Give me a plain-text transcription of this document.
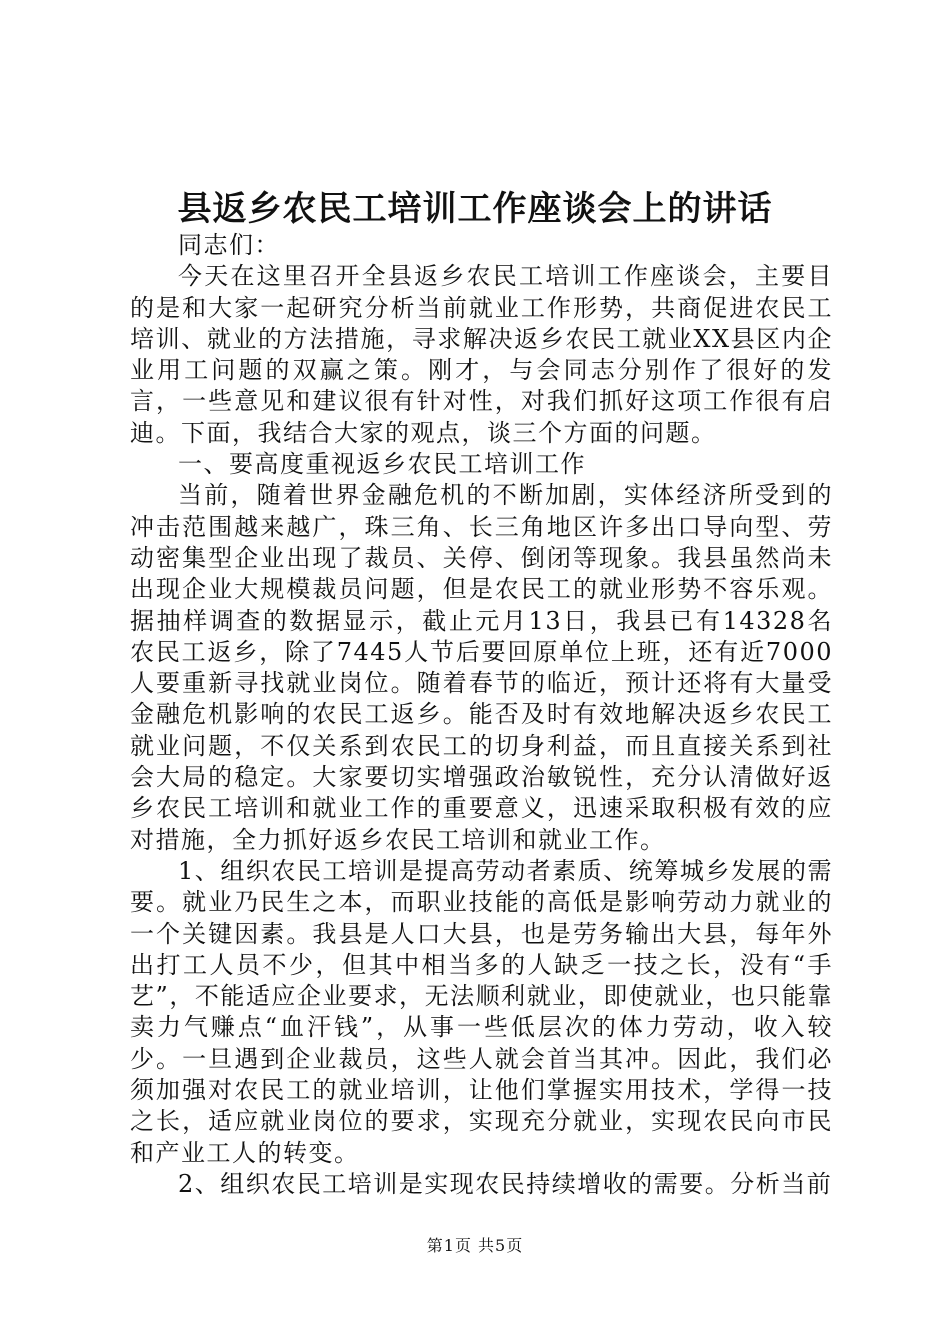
县返乡农民工培训工作座谈会上的讲话

同志们：

今天在这里召开全县返乡农民工培训工作座谈会，主要目的是和大家一起研究分析当前就业工作形势，共商促进农民工培训、就业的方法措施，寻求解决返乡农民工就业XX县区内企业用工问题的双赢之策。刚才，与会同志分别作了很好的发言，一些意见和建议很有针对性，对我们抓好这项工作很有启迪。下面，我结合大家的观点，谈三个方面的问题。

一、要高度重视返乡农民工培训工作

当前，随着世界金融危机的不断加剧，实体经济所受到的冲击范围越来越广，珠三角、长三角地区许多出口导向型、劳动密集型企业出现了裁员、关停、倒闭等现象。我县虽然尚未出现企业大规模裁员问题，但是农民工的就业形势不容乐观。据抽样调查的数据显示，截止元月13日，我县已有14328名农民工返乡，除了7445人节后要回原单位上班，还有近7000人要重新寻找就业岗位。随着春节的临近，预计还将有大量受金融危机影响的农民工返乡。能否及时有效地解决返乡农民工就业问题，不仅关系到农民工的切身利益，而且直接关系到社会大局的稳定。大家要切实增强政治敏锐性，充分认清做好返乡农民工培训和就业工作的重要意义，迅速采取积极有效的应对措施，全力抓好返乡农民工培训和就业工作。

1、组织农民工培训是提高劳动者素质、统筹城乡发展的需要。就业乃民生之本，而职业技能的高低是影响劳动力就业的一个关键因素。我县是人口大县，也是劳务输出大县，每年外出打工人员不少，但其中相当多的人缺乏一技之长，没有“手艺”，不能适应企业要求，无法顺利就业，即使就业，也只能靠卖力气赚点“血汗钱”，从事一些低层次的体力劳动，收入较少。一旦遇到企业裁员，这些人就会首当其冲。因此，我们必须加强对农民工的就业培训，让他们掌握实用技术，学得一技之长，适应就业岗位的要求，实现充分就业，实现农民向市民和产业工人的转变。

2、组织农民工培训是实现农民持续增收的需要。分析当前

第1页 共5页
